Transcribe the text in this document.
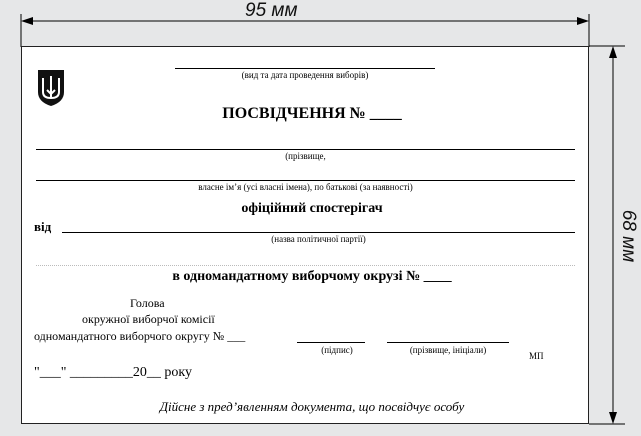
95 мм
68 мм
(вид та дата проведення виборів)
ПОСВІДЧЕННЯ № ____
(прізвище,
власне ім’я (усі власні імена), по батькові (за наявності)
офіційний спостерігач
від
(назва політичної партії)
в одномандатному виборчому окрузі № ____
Голова
окружної виборчої комісії
одномандатного виборчого округу № ___
(підпис)	(прізвище, ініціали)
МП
"___" _________20__ року
Дійсне з пред’явленням документа, що посвідчує особу
